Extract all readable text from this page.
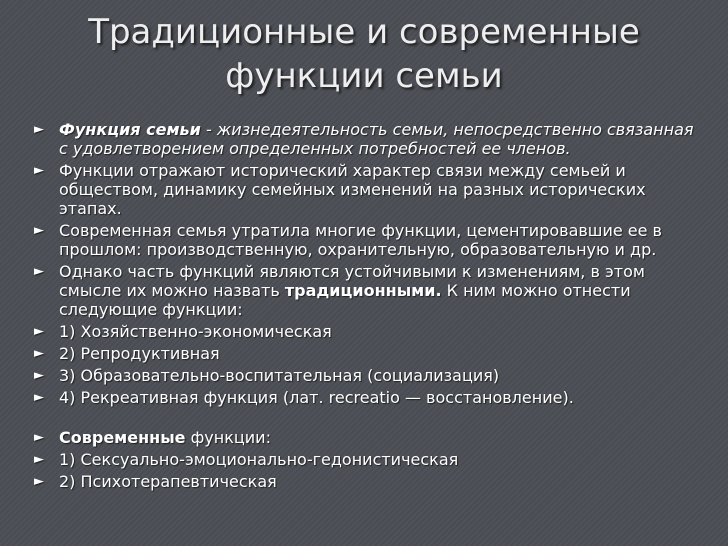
Традиционные и современные
функции семьи
► Функция семьи - жизнедеятельность семьи, непосредственно связанная с удовлетворением определенных потребностей ее членов.
► Функции отражают исторический характер связи между семьей и обществом, динамику семейных изменений на разных исторических этапах.
► Современная семья утратила многие функции, цементировавшие ее в прошлом: производственную, охранительную, образовательную и др.
► Однако часть функций являются устойчивыми к изменениям, в этом смысле их можно назвать традиционными. К ним можно отнести следующие функции:
► 1) Хозяйственно-экономическая
► 2) Репродуктивная
► 3) Образовательно-воспитательная (социализация)
► 4) Рекреативная функция (лат. recreatio — восстановление).
► Современные функции:
► 1) Сексуально-эмоционально-гедонистическая
► 2) Психотерапевтическая
